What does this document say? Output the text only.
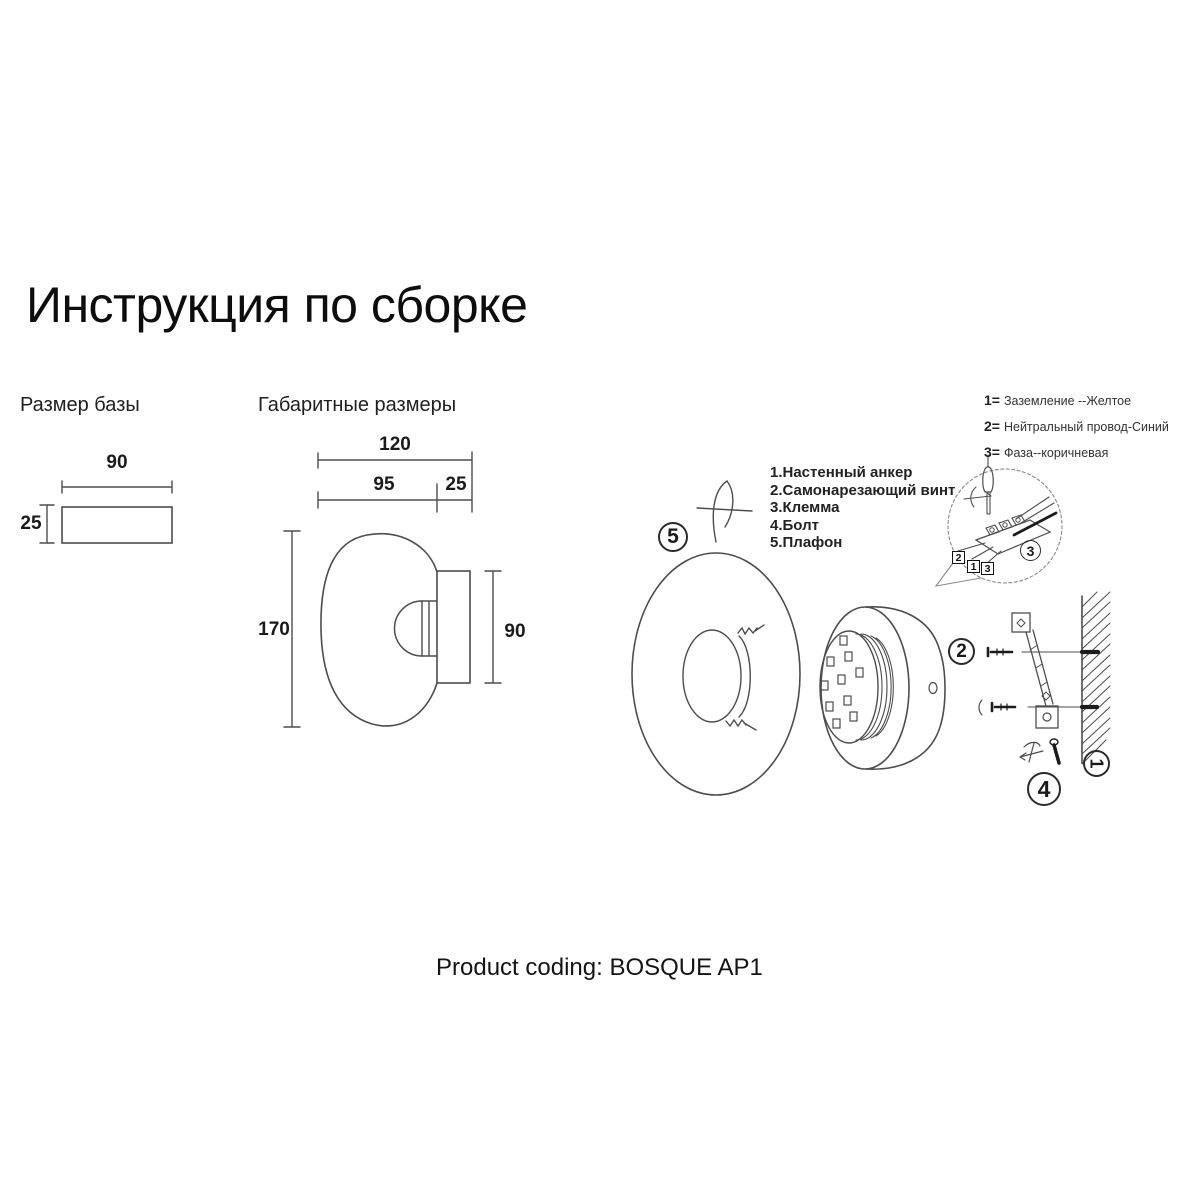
Инструкция по сборке
Размер базы	Габаритные размеры
90
25
120
95	25
170	90
1.Настенный анкер
2.Самонарезающий винт
3.Клемма
4.Болт
5.Плафон
1= Заземление --Желтое
2= Нейтральный провод-Синий
3= Фаза--коричневая
5
2
3
4
1
2
1 3
Product coding: BOSQUE AP1
